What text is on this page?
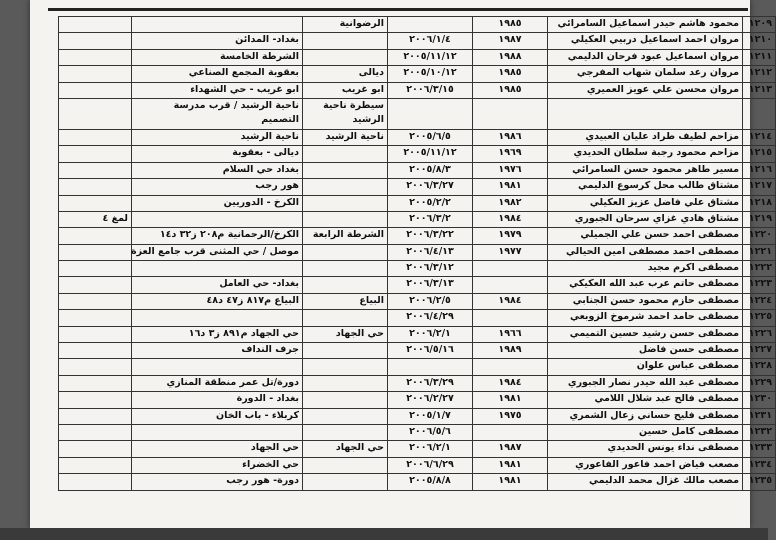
١٢٠٩	محمود هاشم حيدر اسماعيل السامرائي	١٩٨٥		الرضوانية		
١٢١٠	مروان احمد اسماعيل دربيي العكيلي	١٩٨٧	٢٠٠٦/١/٤		بغداد- المدائن	
١٢١١	مروان اسماعيل عبود فرحان الدليمي	١٩٨٨	٢٠٠٥/١١/١٢		الشرطة الخامسة	
١٢١٢	مروان رعد سلمان شهاب المفرجي	١٩٨٥	٢٠٠٥/١٠/١٢	ديالى	بعقوبة المجمع الصناعي	
١٢١٣	مروان محسن علي عويز العميري	١٩٨٥	٢٠٠٦/٣/١٥	ابو غريب	ابو غريب - حي الشهداء	
				سيطرة ناحية الرشيد	ناحية الرشيد / قرب مدرسة التصميم	
١٢١٤	مزاحم لطيف طراد عليان العبيدي	١٩٨٦	٢٠٠٥/٦/٥	ناحية الرشيد	ناحية الرشيد	
١٢١٥	مزاحم محمود رجبة سلطان الحديدي	١٩٦٩	٢٠٠٥/١١/١٢		ديالى - بعقوبة	
١٢١٦	مسير طاهر محمود حسن السامرائي	١٩٧٦	٢٠٠٥/٨/٣		بغداد حي السلام	
١٢١٧	مشتاق طالب محل كرسوع الدليمي	١٩٨١	٢٠٠٦/٣/٢٧		هور رجب	
١٢١٨	مشتاق علي فاضل عزيز العكيلي	١٩٨٢	٢٠٠٥/٢/٢		الكرخ - الدوريين	
١٢١٩	مشتاق هادي غزاي سرحان الجبوري	١٩٨٤	٢٠٠٦/٣/٢			لمغ ٤
١٢٢٠	مصطفى احمد حسن علي الجميلي	١٩٧٩	٢٠٠٦/٣/٢٢	الشرطة الرابعة	الكرخ/الرحمانية م٢٠٨ ز٣٢ د١٤	
١٢٢١	مصطفى احمد مصطفى امين الحيالي	١٩٧٧	٢٠٠٦/٤/١٣		موصل / حي المثنى قرب جامع العزة	
١٢٢٢	مصطفى اكرم مجيد		٢٠٠٦/٣/١٢			
١٢٢٣	مصطفى حاتم عرب عبد الله العكيكي		٢٠٠٦/٣/١٣		بغداد- حي العامل	
١٢٢٤	مصطفى حازم محمود حسن الجنابي	١٩٨٤	٢٠٠٦/٢/٥	البياع	البياع م٨١٧ ز٤٧ د٤٨	
١٢٢٥	مصطفى حامد احمد شرموخ الزوبعي		٢٠٠٦/٤/٢٩			
١٢٢٦	مصطفى حسن رشيد حسين التميمي	١٩٦٦	٢٠٠٦/٢/١	حي الجهاد	حي الجهاد م٨٩١ ز٣ د١٦	
١٢٢٧	مصطفى حسن فاضل	١٩٨٩	٢٠٠٦/٥/١٦		جرف النداف	
١٢٢٨	مصطفى عباس علوان					
١٢٢٩	مصطفى عبد الله حيدر نصار الجبوري	١٩٨٤	٢٠٠٦/٣/٢٩		دورة/تل عمر منطقة المنازي	
١٢٣٠	مصطفى فالح عبد شلال اللامي	١٩٨١	٢٠٠٦/٢/٢٧		بغداد - الدورة	
١٢٣١	مصطفى فليح حساني زعال الشمري	١٩٧٥	٢٠٠٥/١/٧		كربلاء - باب الخان	
١٢٣٢	مصطفى كامل حسين		٢٠٠٦/٥/٦			
١٢٣٣	مصطفى نداء يونس الحديدي	١٩٨٧	٢٠٠٦/٢/١	حي الجهاد	حي الجهاد	
١٢٣٤	مصعب فياض احمد فاعور الفاعوري	١٩٨١	٢٠٠٦/٦/٢٩		حي الخضراء	
١٢٣٥	مصعب مالك غزال محمد الدليمي	١٩٨١	٢٠٠٥/٨/٨		دورة- هور رجب	
